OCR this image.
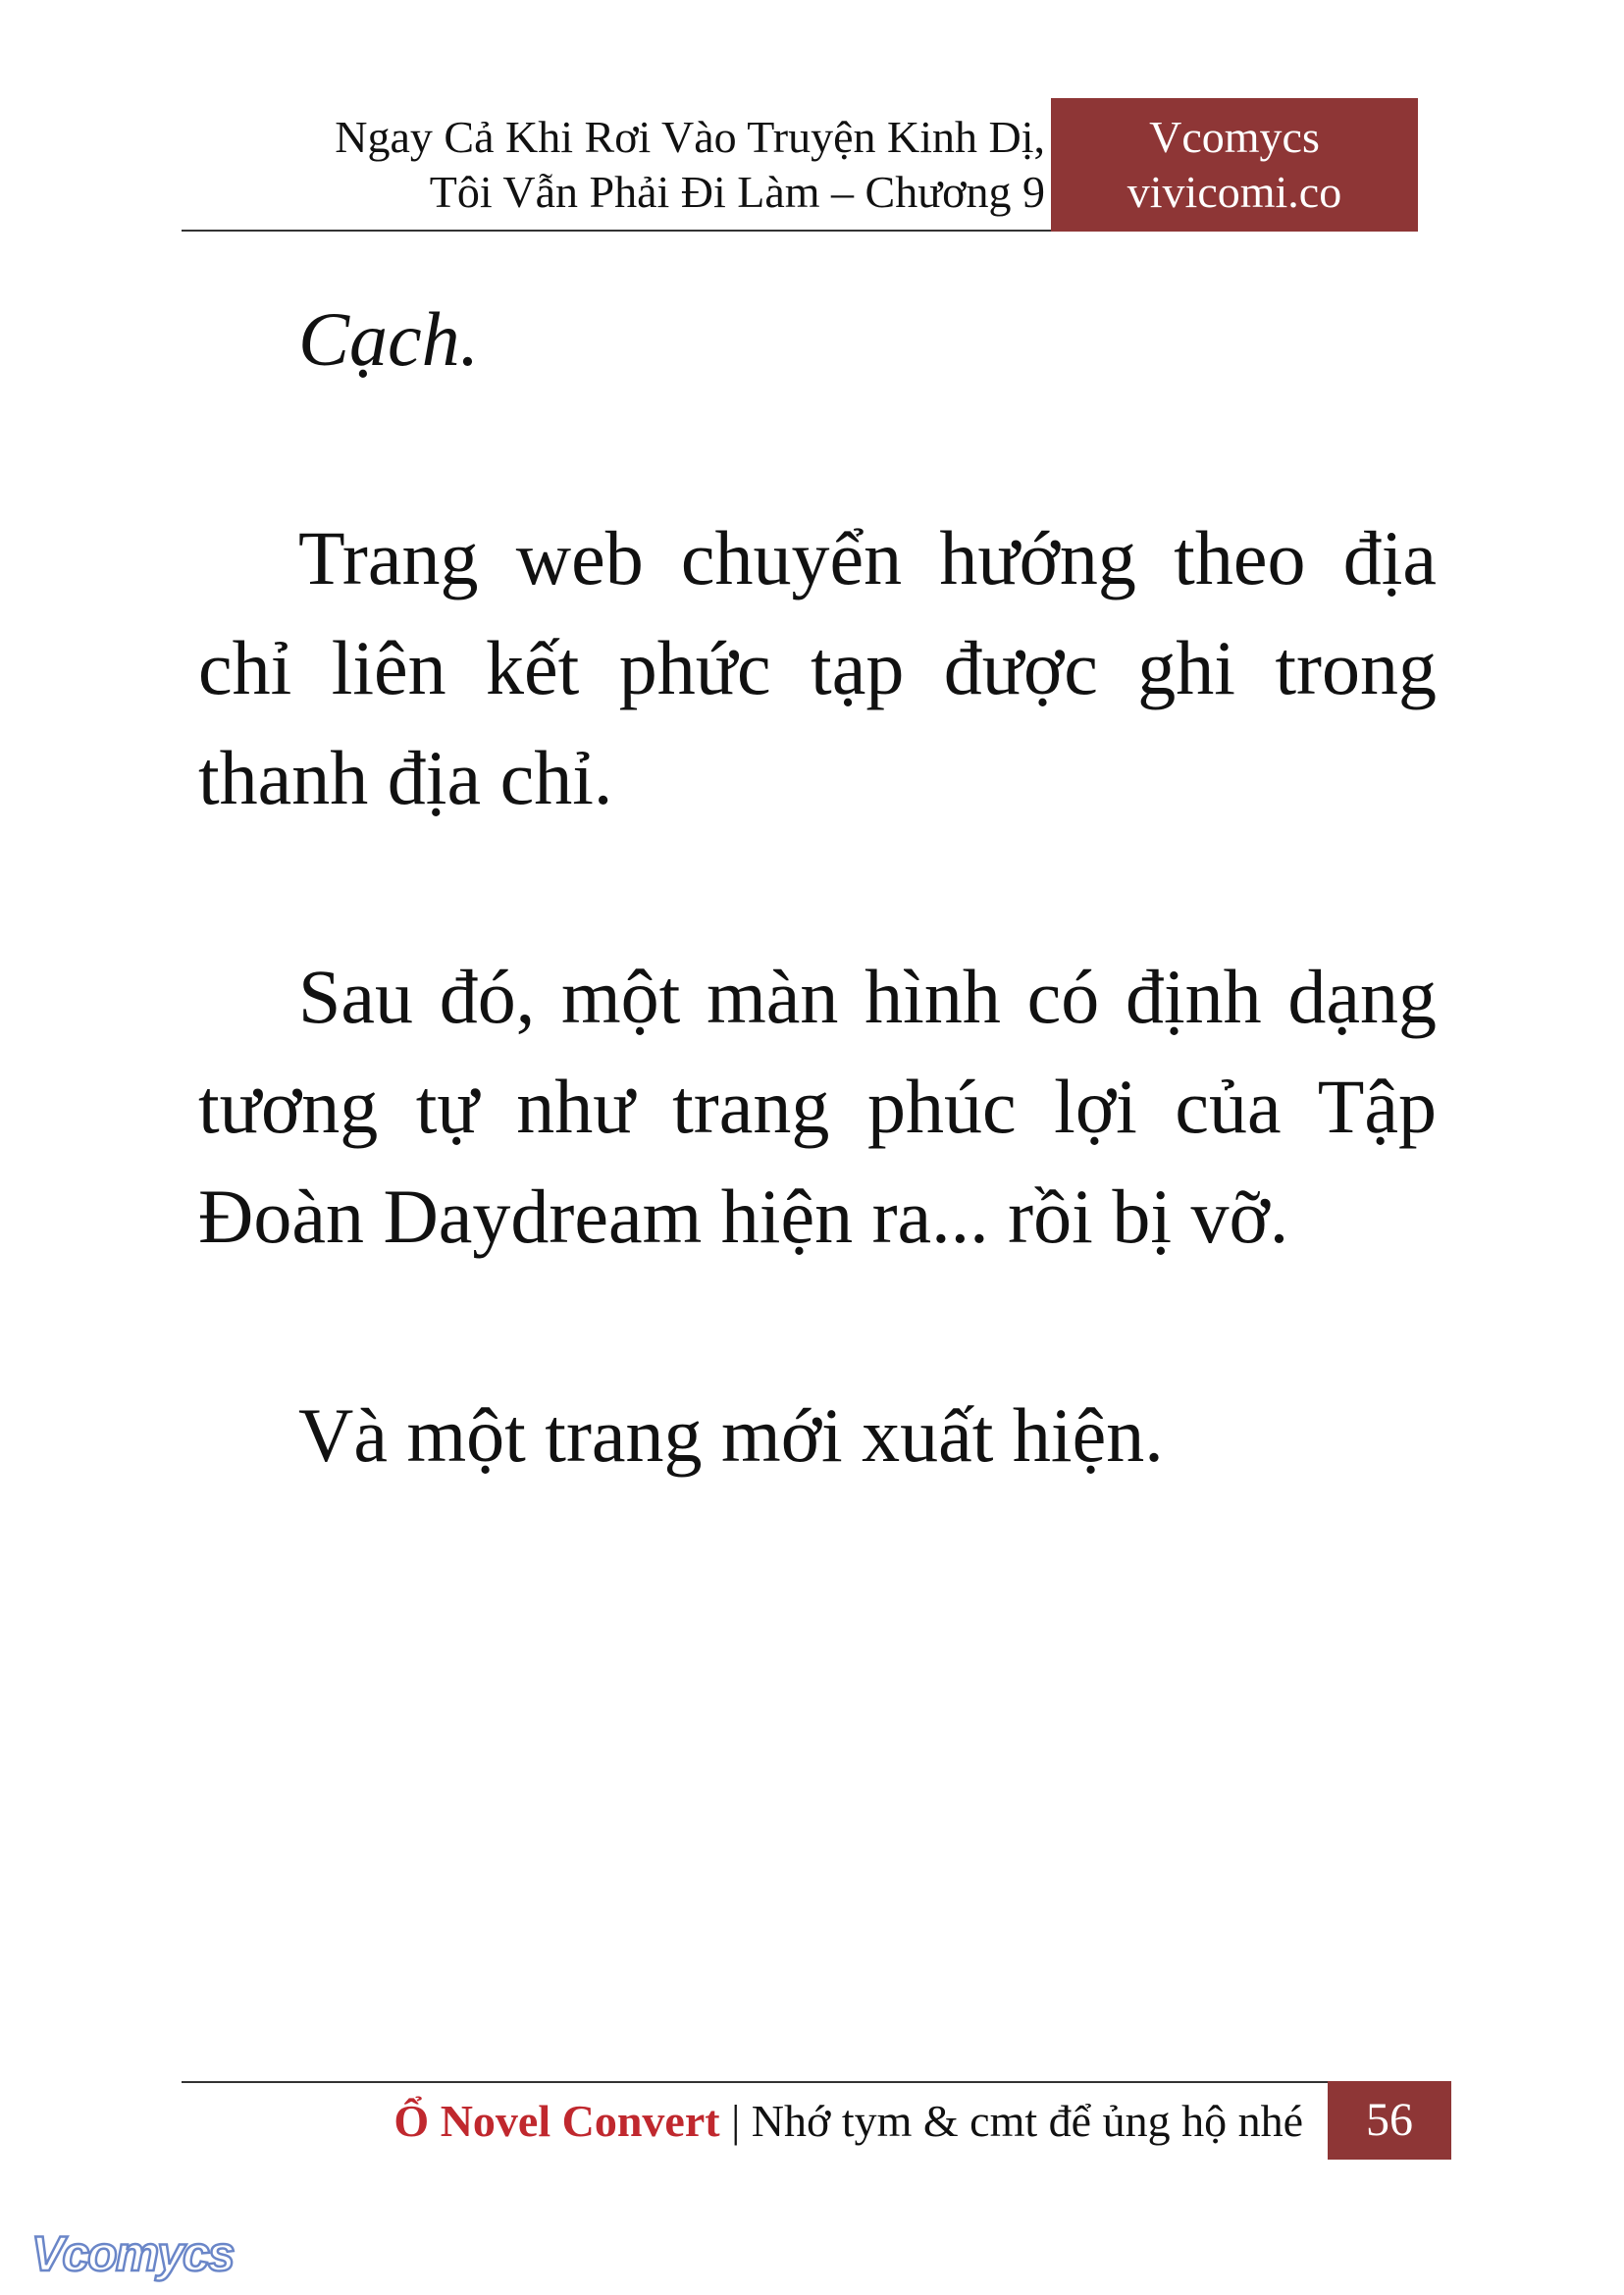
Ngay Cả Khi Rơi Vào Truyện Kinh Dị,
Tôi Vẫn Phải Đi Làm – Chương 9
Vcomycs
vivicomi.co

Cạch.

Trang web chuyển hướng theo địa chỉ liên kết phức tạp được ghi trong thanh địa chỉ.

Sau đó, một màn hình có định dạng tương tự như trang phúc lợi của Tập Đoàn Daydream hiện ra... rồi bị vỡ.

Và một trang mới xuất hiện.

Ổ Novel Convert | Nhớ tym & cmt để ủng hộ nhé	56
Vcomycs
